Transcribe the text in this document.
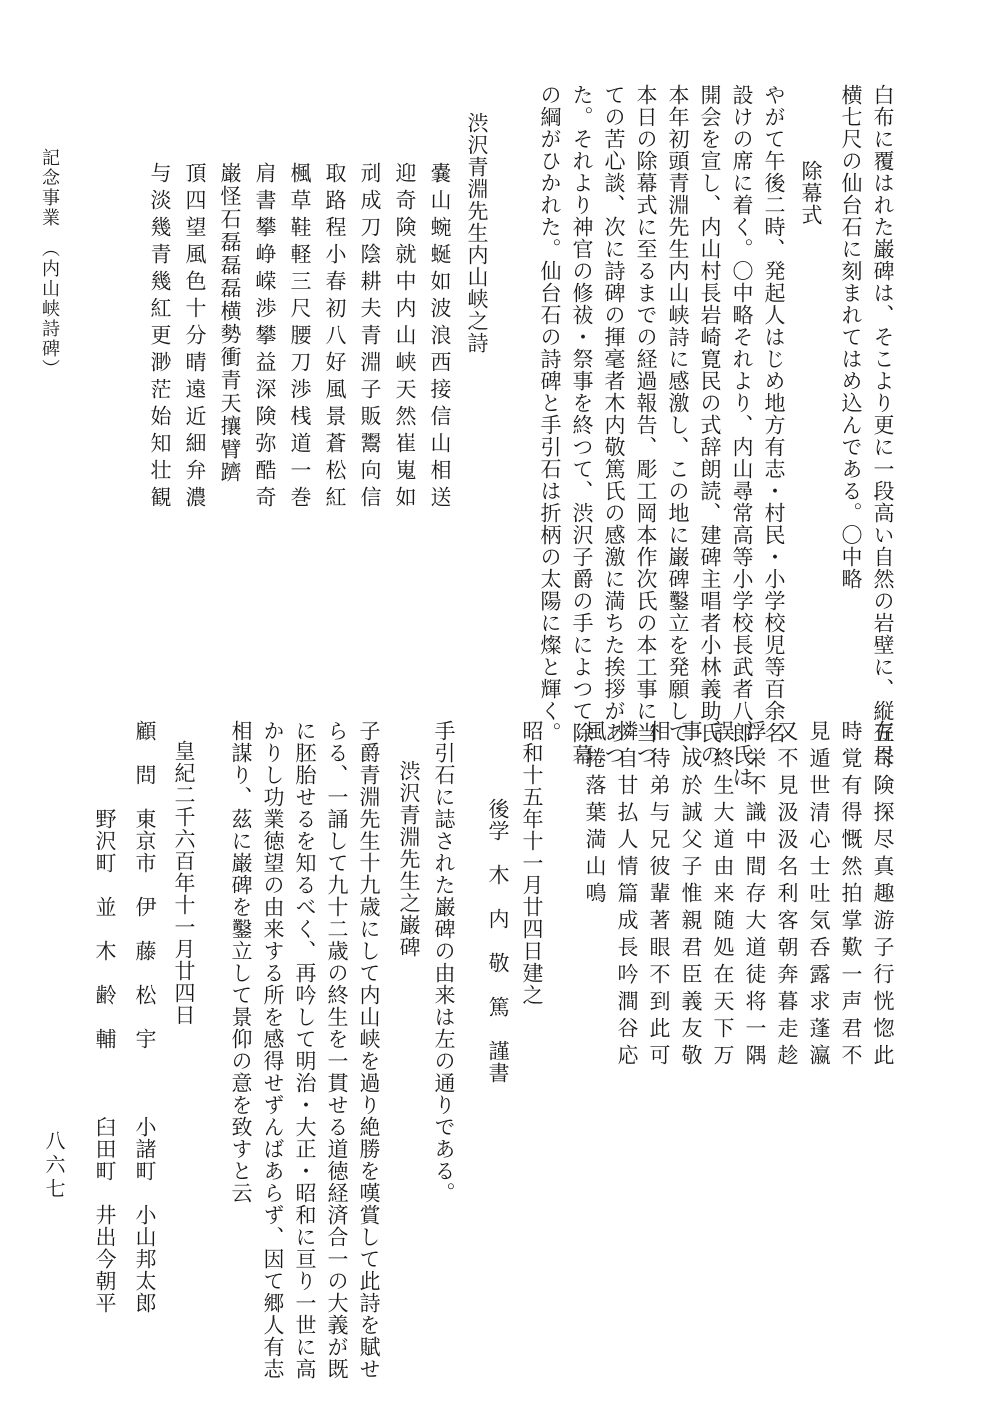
白布に覆はれた巌碑は、そこより更に一段高い自然の岩壁に、縦五尺
横七尺の仙台石に刻まれてはめ込んである。〇中略
除幕式
やがて午後二時、発起人はじめ地方有志・村民・小学校児等百余名
設けの席に着く。〇中略それより、内山尋常高等小学校長武者八郎氏は
開会を宣し、内山村長岩崎寛民の式辞朗読、建碑主唱者小林義助氏の
本年初頭青淵先生内山峡詩に感激し、この地に巌碑鑿立を発願して、
本日の除幕式に至るまでの経過報告、彫工岡本作次氏の本工事に当つ
ての苦心談、次に詩碑の揮毫者木内敬篤氏の感激に満ちた挨拶があつ
た。それより神官の修祓・祭事を終つて、渋沢子爵の手によつて除幕
の綱がひかれた。仙台石の詩碑と手引石は折柄の太陽に燦と輝く。
渋沢青淵先生内山峡之詩
嚢山蜿蜒如波浪西接信山相送
迎奇険就中内山峡天然崔嵬如
刓成刀陰耕夫青淵子販鬻向信
取路程小春初八好風景蒼松紅
楓草鞋軽三尺腰刀渉桟道一巻
肩書攀峥嵘渉攀益深険弥酷奇
巌怪石磊磊磊横勢衝青天攘臂躋
頂四望風色十分晴遠近細弁濃
与淡幾青幾紅更渺茫始知壮観
記念事業　（内山峡詩碑）
存奇険探尽真趣游子行恍惚此
時覚有得慨然拍掌歎一声君不
見遁世清心士吐気呑露求蓬瀛
又不見汲汲名利客朝奔暮走趁
浮栄不識中間存大道徒将一隅
誤終生大道由来随処在天下万
事成於誠父子惟親君臣義友敬
相待弟与兄彼輩著眼不到此可
憐自甘払人情篇成長吟澗谷応
風捲落葉満山鳴
昭和十五年十一月廿四日建之
後学　木　内　敬　篤　謹書
手引石に誌された巌碑の由来は左の通りである。
渋沢青淵先生之巌碑
子爵青淵先生十九歳にして内山峡を過り絶勝を嘆賞して此詩を賦せ
らる、一誦して九十二歳の終生を一貫せる道徳経済合一の大義が既
に胚胎せるを知るべく、再吟して明治・大正・昭和に亘り一世に高
かりし功業徳望の由来する所を感得せずんばあらず、因て郷人有志
相謀り、茲に巌碑を鑿立して景仰の意を致すと云
皇紀二千六百年十一月廿四日
顧　問　東京市　伊　藤　松　宇　　　小諸町　小山邦太郎
　　　　野沢町　並　木　齢　輔　　　臼田町　井出今朝平
八六七
